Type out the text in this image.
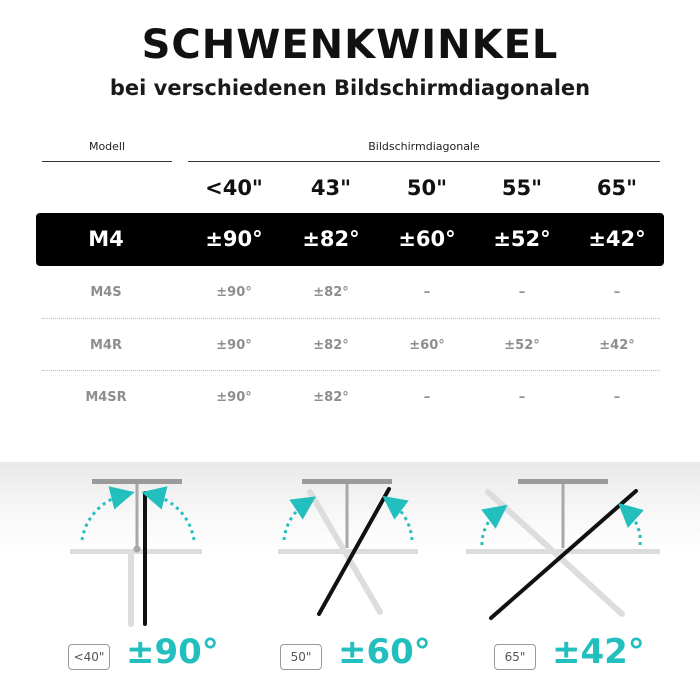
SCHWENKWINKEL
bei verschiedenen Bildschirmdiagonalen
Modell	Bildschirmdiagonale
<40"	43"	50"	55"	65"
M4	±90°	±82°	±60°	±52°	±42°
M4S	±90°	±82°	–	–	–
M4R	±90°	±82°	±60°	±52°	±42°
M4SR	±90°	±82°	–	–	–
<40" ±90°	50" ±60°	65" ±42°
